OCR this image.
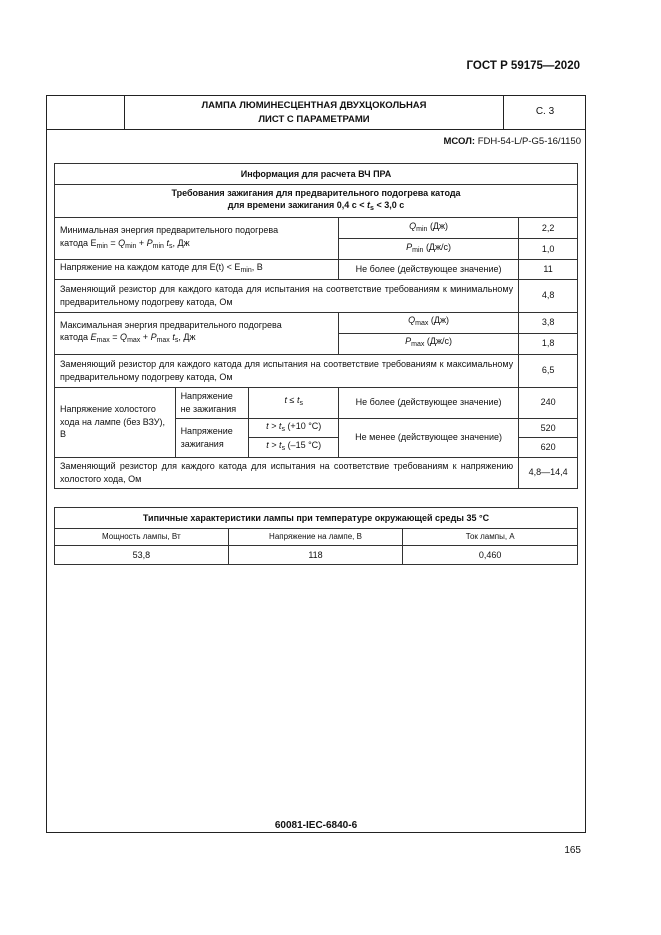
ГОСТ Р 59175—2020
ЛАМПА ЛЮМИНЕСЦЕНТНАЯ ДВУХЦОКОЛЬНАЯ
ЛИСТ С ПАРАМЕТРАМИ
С. 3
МСОЛ: FDH-54-L/P-G5-16/1150
Информация для расчета ВЧ ПРА				

Требования зажигания для предварительного подогрева катода
для времени зажигания 0,4 $с < t_s < 3,0$ с				

Минимальная энергия предварительного подогрева
катода $E_{min} = Q_{min} + P_{min}$ $t_s$, Дж			$Q_{min}$ (Дж)	2,2
			$P_{min}$ (Дж/с)	1,0
Напряжение на каждом катоде для $E(t) < E_{min}$, В			Не более (действующее значение)	11
Заменяющий резистор для каждого катода для испытания на соответствие требованиям к минимальному предварительному подогреву катода, Ом				4,8

Максимальная энергия предварительного подогрева
катода $E_{max} = Q_{max} + P_{max}$ $t_s$, Дж			$Q_{max}$ (Дж)	3,8
			$P_{max}$ (Дж/с)	1,8
Заменяющий резистор для каждого катода для испытания на соответствие требованиям к максимальному предварительному подогреву катода, Ом				6,5
Напряжение холостого хода на лампе (без ВЗУ), В	Напряжение не зажигания	$t \le t_s$	Не более (действующее значение)	240
	Напряжение зажигания	$t > t_s$ (+10 °C)	Не менее (действующее значение)	520
		$t > t_s$ (–15 °C)		620
Заменяющий резистор для каждого катода для испытания на соответствие требованиям к напряжению холостого хода, Ом				4,8—14,4
Типичные характеристики лампы при температуре окружающей среды 35 °C		
Мощность лампы, Вт	Напряжение на лампе, В	Ток лампы, А
53,8	118	0,460
60081-IEC-6840-6
165
